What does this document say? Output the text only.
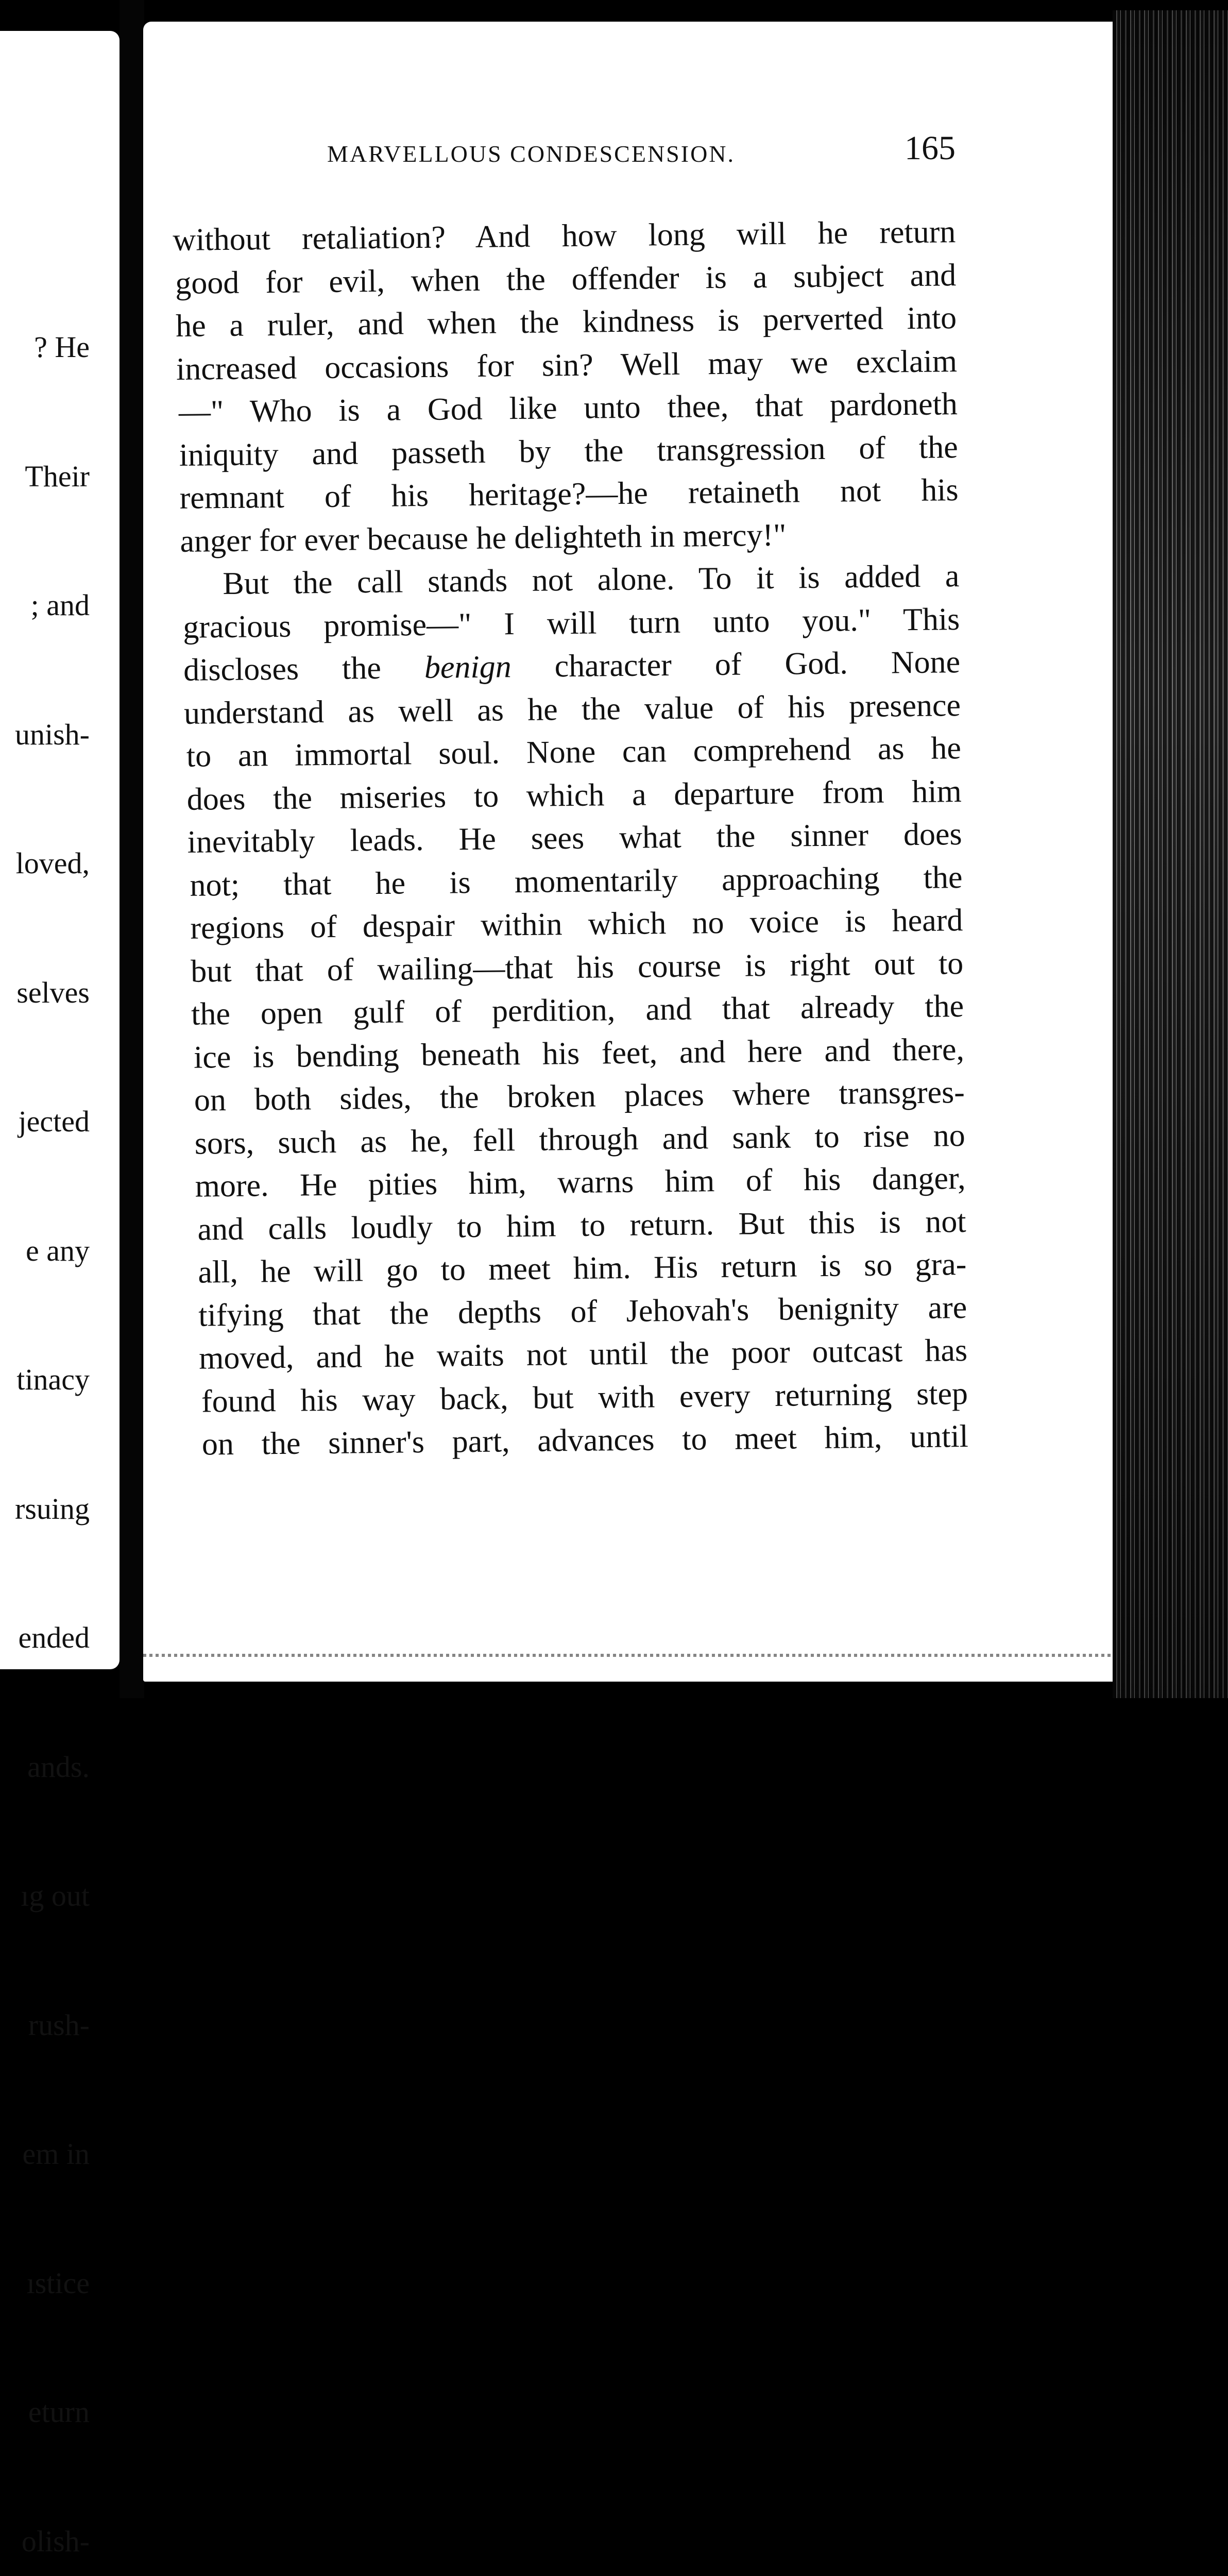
? He

Their

; and

unish-

loved,

selves

jected

e any

tinacy

rsuing

ended

ands.

ıg out

rush-

em in

ıstice

eturn

olish-

MARVELLOUS CONDESCENSION.	165
without retaliation? And how long will he return
good for evil, when the offender is a subject and
he a ruler, and when the kindness is perverted into
increased occasions for sin? Well may we exclaim
—" Who is a God like unto thee, that pardoneth
iniquity and passeth by the transgression of the
remnant of his heritage?—he retaineth not his
anger for ever because he delighteth in mercy!"
But the call stands not alone. To it is added a
gracious promise—" I will turn unto you." This
discloses the benign character of God. None
understand as well as he the value of his presence
to an immortal soul. None can comprehend as he
does the miseries to which a departure from him
inevitably leads. He sees what the sinner does
not; that he is momentarily approaching the
regions of despair within which no voice is heard
but that of wailing—that his course is right out to
the open gulf of perdition, and that already the
ice is bending beneath his feet, and here and there,
on both sides, the broken places where transgres-
sors, such as he, fell through and sank to rise no
more. He pities him, warns him of his danger,
and calls loudly to him to return. But this is not
all, he will go to meet him. His return is so gra-
tifying that the depths of Jehovah's benignity are
moved, and he waits not until the poor outcast has
found his way back, but with every returning step
on the sinner's part, advances to meet him, until
